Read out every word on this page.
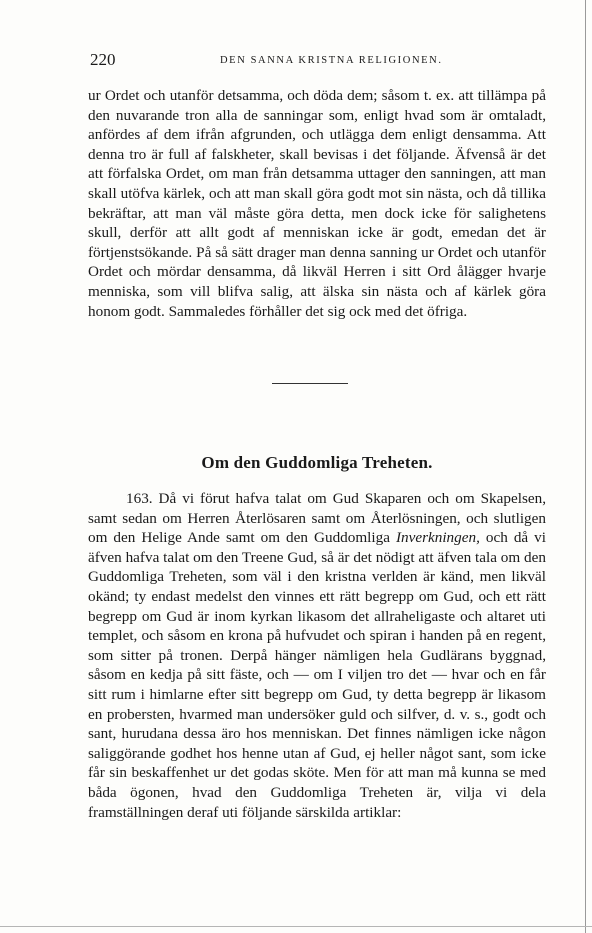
220	DEN SANNA KRISTNA RELIGIONEN.

ur Ordet och utanför detsamma, och döda dem; såsom t. ex. att tillämpa på den nuvarande tron alla de sanningar som, enligt hvad som är omtaladt, anfördes af dem ifrån afgrunden, och utlägga dem enligt densamma. Att denna tro är full af falskheter, skall bevisas i det följande. Äfvenså är det att förfalska Ordet, om man från detsamma uttager den sanningen, att man skall utöfva kärlek, och att man skall göra godt mot sin nästa, och då tillika bekräftar, att man väl måste göra detta, men dock icke för salighetens skull, derför att allt godt af menniskan icke är godt, emedan det är förtjenstsökande. På så sätt drager man denna sanning ur Ordet och utanför Ordet och mördar densamma, då likväl Herren i sitt Ord ålägger hvarje menniska, som vill blifva salig, att älska sin nästa och af kärlek göra honom godt. Sammaledes förhåller det sig ock med det öfriga.

Om den Guddomliga Treheten.

163. Då vi förut hafva talat om Gud Skaparen och om Skapelsen, samt sedan om Herren Återlösaren samt om Återlösningen, och slutligen om den Helige Ande samt om den Guddomliga Inverkningen, och då vi äfven hafva talat om den Treene Gud, så är det nödigt att äfven tala om den Guddomliga Treheten, som väl i den kristna verlden är känd, men likväl okänd; ty endast medelst den vinnes ett rätt begrepp om Gud, och ett rätt begrepp om Gud är inom kyrkan likasom det allraheligaste och altaret uti templet, och såsom en krona på hufvudet och spiran i handen på en regent, som sitter på tronen. Derpå hänger nämligen hela Gudlärans byggnad, såsom en kedja på sitt fäste, och — om I viljen tro det — hvar och en får sitt rum i himlarne efter sitt begrepp om Gud, ty detta begrepp är likasom en probersten, hvarmed man undersöker guld och silfver, d. v. s., godt och sant, hurudana dessa äro hos menniskan. Det finnes nämligen icke någon saliggörande godhet hos henne utan af Gud, ej heller något sant, som icke får sin beskaffenhet ur det godas sköte. Men för att man må kunna se med båda ögonen, hvad den Guddomliga Treheten är, vilja vi dela framställningen deraf uti följande särskilda artiklar:
